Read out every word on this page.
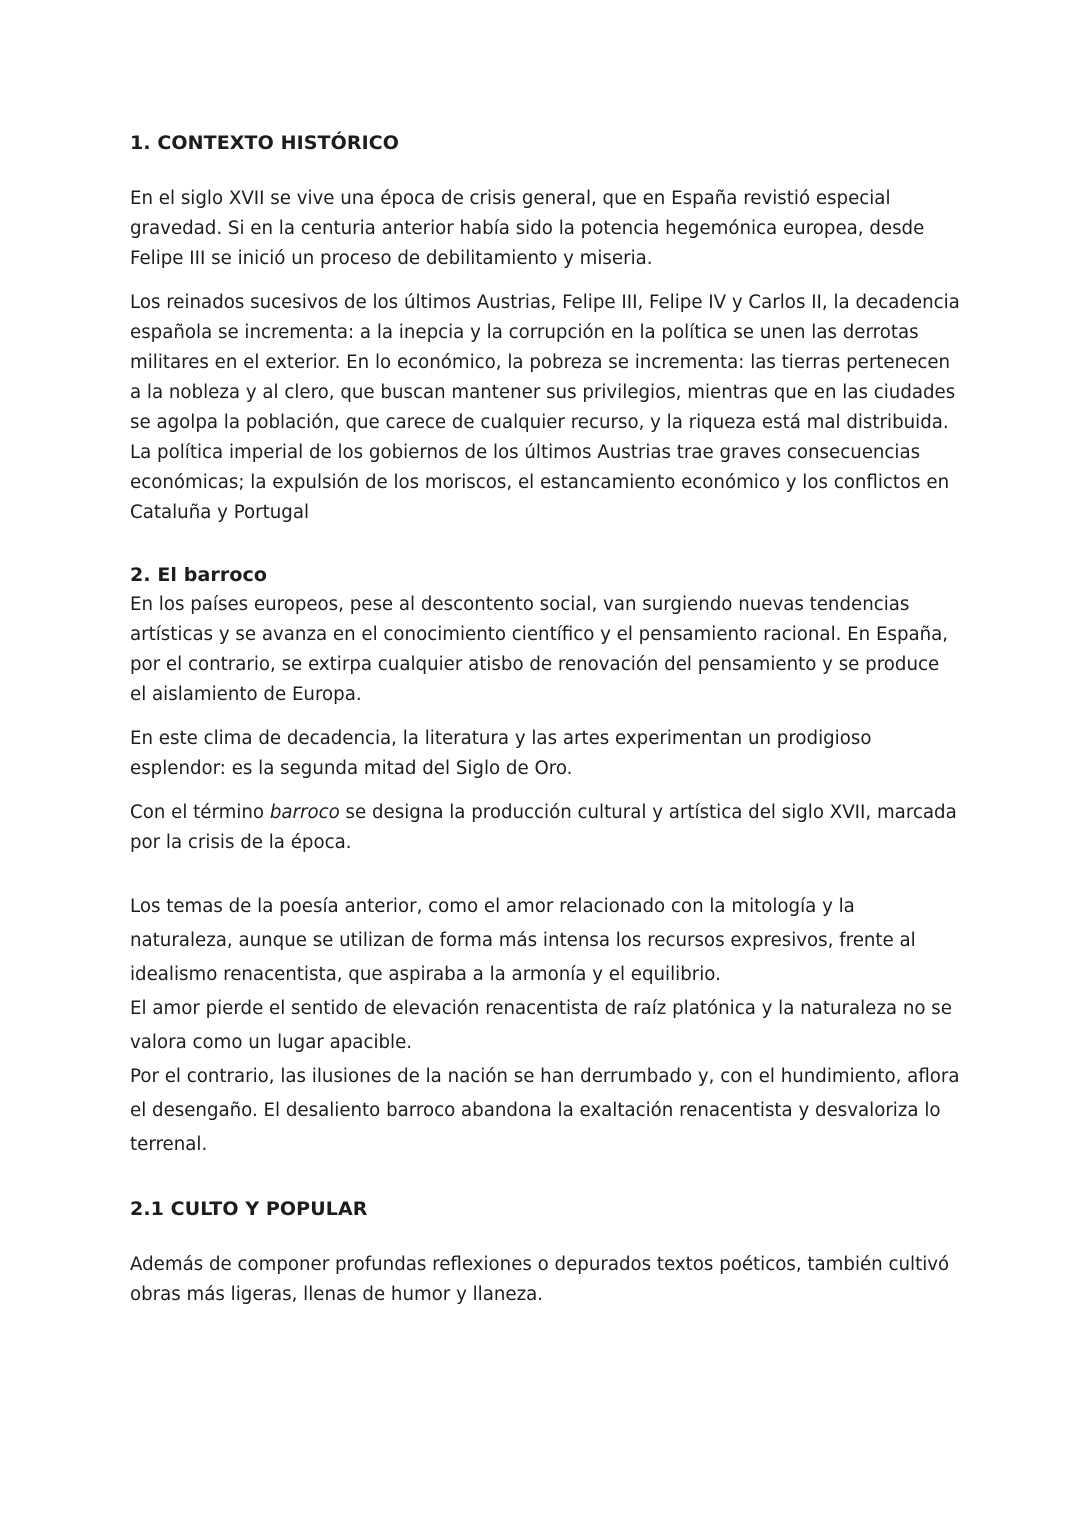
1. CONTEXTO HISTÓRICO

En el siglo XVII se vive una época de crisis general, que en España revistió especial gravedad. Si en la centuria anterior había sido la potencia hegemónica europea, desde Felipe III se inició un proceso de debilitamiento y miseria.

Los reinados sucesivos de los últimos Austrias, Felipe III, Felipe IV y Carlos II, la decadencia española se incrementa: a la inepcia y la corrupción en la política se unen las derrotas militares en el exterior. En lo económico, la pobreza se incrementa: las tierras pertenecen a la nobleza y al clero, que buscan mantener sus privilegios, mientras que en las ciudades se agolpa la población, que carece de cualquier recurso, y la riqueza está mal distribuida.

La política imperial de los gobiernos de los últimos Austrias trae graves consecuencias económicas; la expulsión de los moriscos, el estancamiento económico y los conflictos en Cataluña y Portugal

2. El barroco

En los países europeos, pese al descontento social, van surgiendo nuevas tendencias artísticas y se avanza en el conocimiento científico y el pensamiento racional. En España, por el contrario, se extirpa cualquier atisbo de renovación del pensamiento y se produce el aislamiento de Europa.

En este clima de decadencia, la literatura y las artes experimentan un prodigioso esplendor: es la segunda mitad del Siglo de Oro.

Con el término barroco se designa la producción cultural y artística del siglo XVII, marcada por la crisis de la época.

Los temas de la poesía anterior, como el amor relacionado con la mitología y la naturaleza, aunque se utilizan de forma más intensa los recursos expresivos, frente al idealismo renacentista, que aspiraba a la armonía y el equilibrio.

El amor pierde el sentido de elevación renacentista de raíz platónica y la naturaleza no se valora como un lugar apacible.

Por el contrario, las ilusiones de la nación se han derrumbado y, con el hundimiento, aflora el desengaño. El desaliento barroco abandona la exaltación renacentista y desvaloriza lo terrenal.

2.1 CULTO Y POPULAR

Además de componer profundas reflexiones o depurados textos poéticos, también cultivó obras más ligeras, llenas de humor y llaneza.
